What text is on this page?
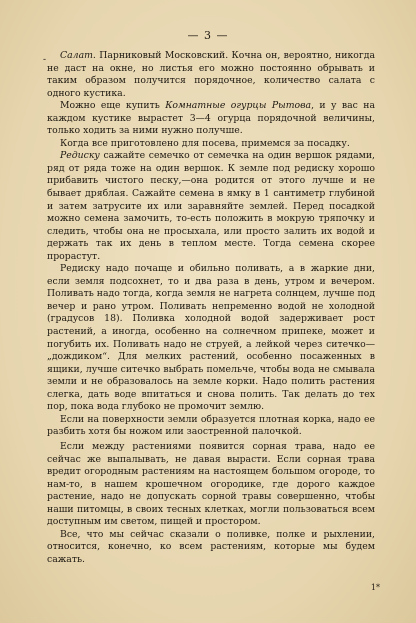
— 3 —
-	Салат. Парниковый Московский. Кочна он, вероятно, никогда не даст на окне, но листья его можно постоянно обрывать и таким образом получится порядочное, количество салата с одного кустика.

Можно еще купить Комнатные огурцы Рытова, и у вас на каждом кустике вырастет 3—4 огурца порядочной величины, только ходить за ними нужно получше.

Когда все приготовлено для посева, примемся за посадку.

Редиску сажайте семечко от семечка на один вершок рядами, ряд от ряда тоже на один вершок. К земле под редиску хорошо прибавить чистого песку,—она родится от этого лучше и не бывает дряблая. Сажайте семена в ямку в 1 сантиметр глубиной и затем затрусите их или заравняйте землей. Перед посадкой можно семена замочить, то-есть положить в мокрую тряпочку и следить, чтобы она не просыхала, или просто залить их водой и держать так их день в теплом месте. Тогда семена скорее прорастут.

Редиску надо почаще и обильно поливать, а в жаркие дни, если земля подсохнет, то и два раза в день, утром и вечером. Поливать надо тогда, когда земля не нагрета солнцем, лучше под вечер и рано утром. Поливать непременно водой не холодной (градусов 18). Поливка холодной водой задерживает рост растений, а иногда, особенно на солнечном припеке, может и погубить их. Поливать надо не струей, а лейкой через ситечко—„дождиком“. Для мелких растений, особенно посаженных в ящики, лучше ситечко выбрать помельче, чтобы вода не смывала земли и не образовалось на земле корки. Надо полить растения слегка, дать воде впитаться и снова полить. Так делать до тех пор, пока вода глубоко не промочит землю.

Если на поверхности земли образуется плотная корка, надо ее разбить хотя бы ножом или заостренной палочкой.

Если между растениями появится сорная трава, надо ее сейчас же выпалывать, не давая вырасти. Если сорная трава вредит огородным растениям на настоящем большом огороде, то нам-то, в нашем крошечном огородике, где дорого каждое растение, надо не допускать сорной травы совершенно, чтобы наши питомцы, в своих тесных клетках, могли пользоваться всем доступным им светом, пищей и простором.

Все, что мы сейчас сказали о поливке, полке и рыхлении, относится, конечно, ко всем растениям, которые мы будем сажать.

1*
